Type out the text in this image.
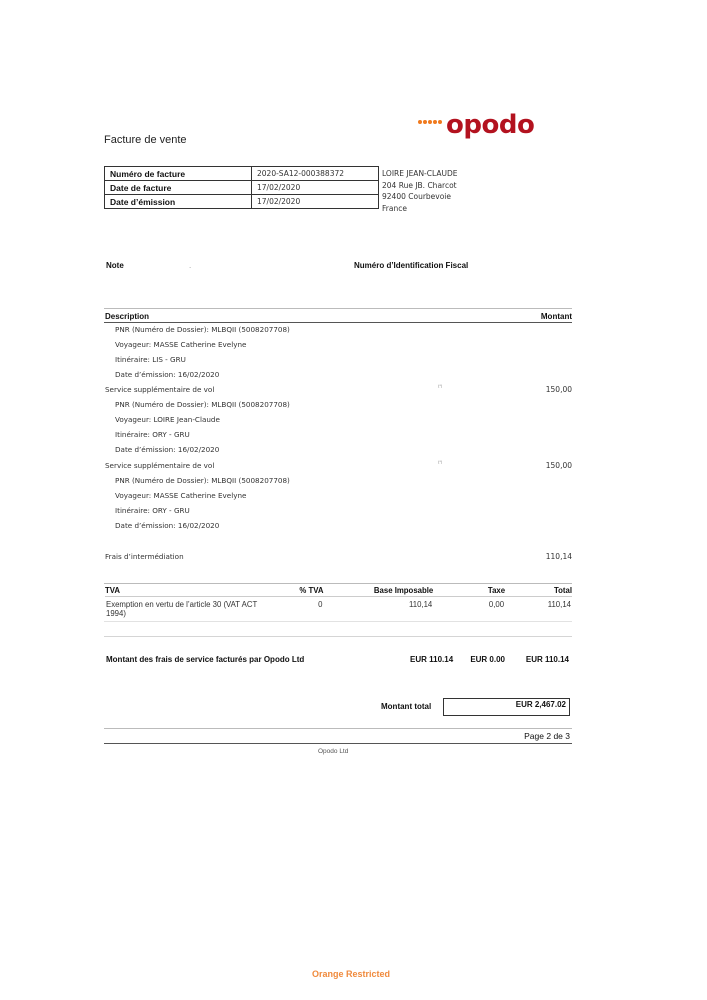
opodo
Facture de vente
Numéro de facture	2020-SA12-000388372
Date de facture	17/02/2020
Date d’émission	17/02/2020
LOIRE JEAN-CLAUDE
204 Rue JB. Charcot
92400 Courbevoie
France
Note	.	Numéro d’Identification Fiscal
Description	Montant
PNR (Numéro de Dossier): MLBQII (5008207708)
Voyageur: MASSE Catherine Evelyne
Itinéraire: LIS - GRU
Date d’émission: 16/02/2020
Service supplémentaire de vol	(*)	150,00
PNR (Numéro de Dossier): MLBQII (5008207708)
Voyageur: LOIRE Jean-Claude
Itinéraire: ORY - GRU
Date d’émission: 16/02/2020
Service supplémentaire de vol	(*)	150,00
PNR (Numéro de Dossier): MLBQII (5008207708)
Voyageur: MASSE Catherine Evelyne
Itinéraire: ORY - GRU
Date d’émission: 16/02/2020
Frais d’intermédiation	110,14
TVA	% TVA	Base Imposable	Taxe	Total
Exemption en vertu de l’article 30 (VAT ACT 1994)	0	110,14	0,00	110,14
Montant des frais de service facturés par Opodo Ltd	EUR 110.14	EUR 0.00	EUR 110.14
Montant total	EUR 2,467.02
Page 2 de 3
Opodo Ltd
Orange Restricted
